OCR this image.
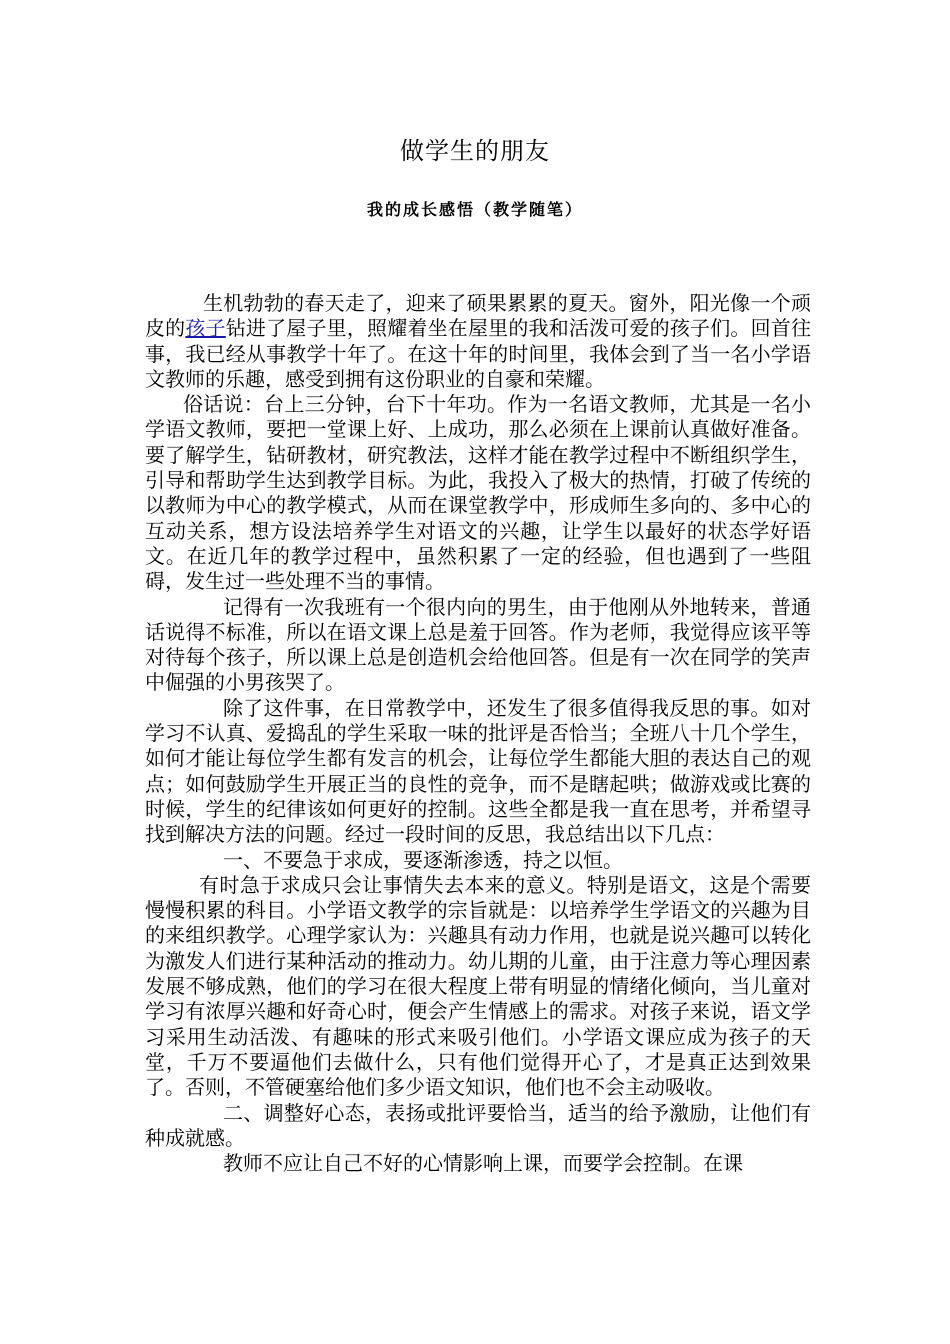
做学生的朋友
我的成长感悟（教学随笔）

生机勃勃的春天走了，迎来了硕果累累的夏天。窗外，阳光像一个顽皮的孩子钻进了屋子里，照耀着坐在屋里的我和活泼可爱的孩子们。回首往事，我已经从事教学十年了。在这十年的时间里，我体会到了当一名小学语文教师的乐趣，感受到拥有这份职业的自豪和荣耀。

俗话说：台上三分钟，台下十年功。作为一名语文教师，尤其是一名小学语文教师，要把一堂课上好、上成功，那么必须在上课前认真做好准备。要了解学生，钻研教材，研究教法，这样才能在教学过程中不断组织学生，引导和帮助学生达到教学目标。为此，我投入了极大的热情，打破了传统的以教师为中心的教学模式，从而在课堂教学中，形成师生多向的、多中心的互动关系，想方设法培养学生对语文的兴趣，让学生以最好的状态学好语文。在近几年的教学过程中，虽然积累了一定的经验，但也遇到了一些阻碍，发生过一些处理不当的事情。

记得有一次我班有一个很内向的男生，由于他刚从外地转来，普通话说得不标准，所以在语文课上总是羞于回答。作为老师，我觉得应该平等对待每个孩子，所以课上总是创造机会给他回答。但是有一次在同学的笑声中倔强的小男孩哭了。

除了这件事，在日常教学中，还发生了很多值得我反思的事。如对学习不认真、爱捣乱的学生采取一味的批评是否恰当；全班八十几个学生，如何才能让每位学生都有发言的机会，让每位学生都能大胆的表达自己的观点；如何鼓励学生开展正当的良性的竞争，而不是瞎起哄；做游戏或比赛的时候，学生的纪律该如何更好的控制。这些全都是我一直在思考，并希望寻找到解决方法的问题。经过一段时间的反思，我总结出以下几点：

一、不要急于求成，要逐渐渗透，持之以恒。

有时急于求成只会让事情失去本来的意义。特别是语文，这是个需要慢慢积累的科目。小学语文教学的宗旨就是：以培养学生学语文的兴趣为目的来组织教学。心理学家认为：兴趣具有动力作用，也就是说兴趣可以转化为激发人们进行某种活动的推动力。幼儿期的儿童，由于注意力等心理因素发展不够成熟，他们的学习在很大程度上带有明显的情绪化倾向，当儿童对学习有浓厚兴趣和好奇心时，便会产生情感上的需求。对孩子来说，语文学习采用生动活泼、有趣味的形式来吸引他们。小学语文课应成为孩子的天堂，千万不要逼他们去做什么，只有他们觉得开心了，才是真正达到效果了。否则，不管硬塞给他们多少语文知识，他们也不会主动吸收。

二、调整好心态，表扬或批评要恰当，适当的给予激励，让他们有种成就感。

教师不应让自己不好的心情影响上课，而要学会控制。在课
